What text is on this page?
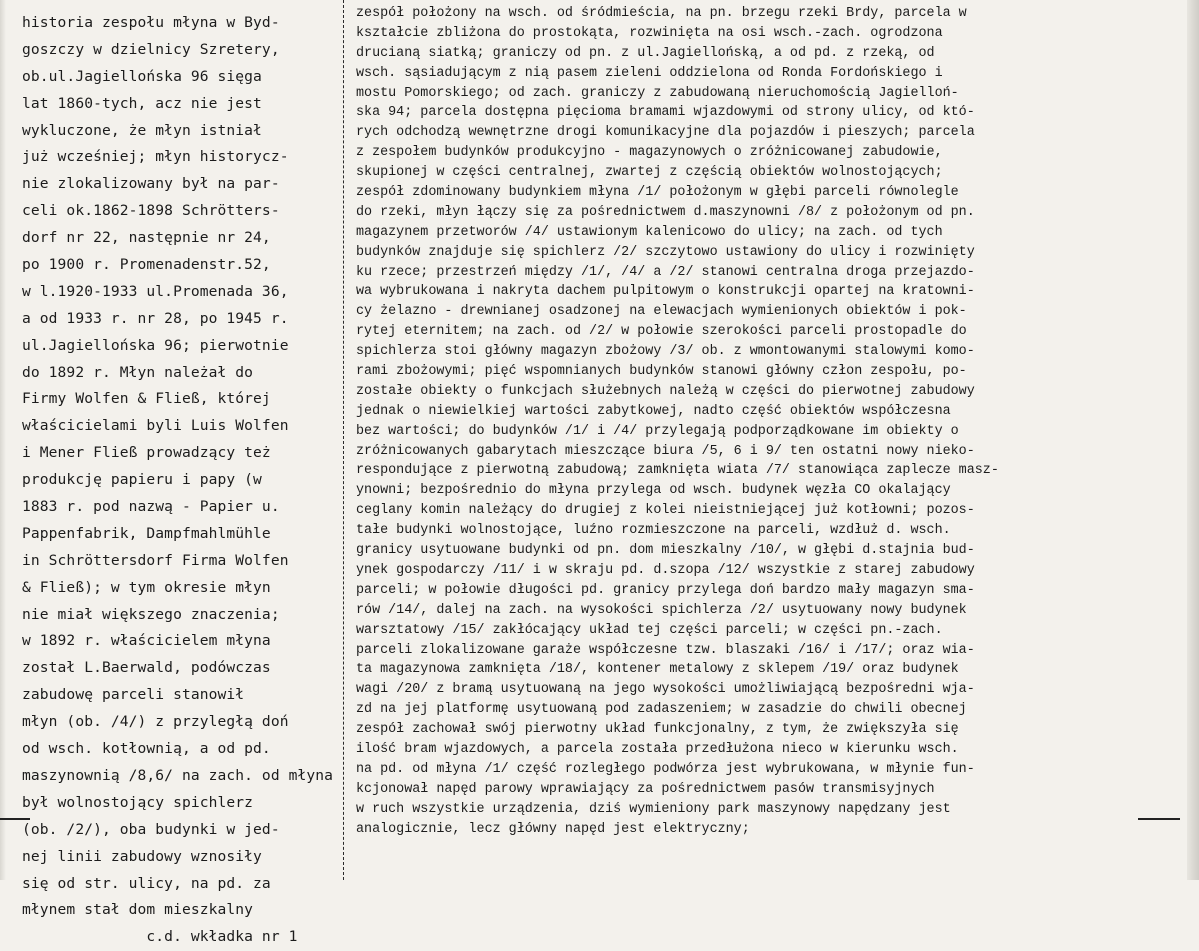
historia zespołu młyna w Byd-
goszczy w dzielnicy Szretery,
ob.ul.Jagiellońska 96 sięga
lat 1860-tych, acz nie jest
wykluczone, że młyn istniał
już wcześniej; młyn historycz-
nie zlokalizowany był na par-
celi ok.1862-1898 Schrötters-
dorf nr 22, następnie nr 24,
po 1900 r. Promenadenstr.52,
w l.1920-1933 ul.Promenada 36,
a od 1933 r. nr 28, po 1945 r.
ul.Jagiellońska 96; pierwotnie
do 1892 r. Młyn należał do
Firmy Wolfen & Fließ, której
właścicielami byli Luis Wolfen
i Mener Fließ prowadzący też
produkcję papieru i papy (w
1883 r. pod nazwą - Papier u.
Pappenfabrik, Dampfmahlmühle
in Schröttersdorf Firma Wolfen
& Fließ); w tym okresie młyn
nie miał większego znaczenia;
w 1892 r. właścicielem młyna
został L.Baerwald, podówczas
zabudowę parceli stanowił
młyn (ob. /4/) z przyległą doń
od wsch. kotłownią, a od pd.
maszynownią /8,6/ na zach. od młyna
był wolnostojący spichlerz
(ob. /2/), oba budynki w jed-
nej linii zabudowy wznosiły
się od str. ulicy, na pd. za
młynem stał dom mieszkalny
c.d. wkładka nr 1
zespół położony na wsch. od śródmieścia, na pn. brzegu rzeki Brdy, parcela w
kształcie zbliżona do prostokąta, rozwinięta na osi wsch.-zach. ogrodzona
drucianą siatką; graniczy od pn. z ul.Jagiellońską, a od pd. z rzeką, od
wsch. sąsiadującym z nią pasem zieleni oddzielona od Ronda Fordońskiego i
mostu Pomorskiego; od zach. graniczy z zabudowaną nieruchomością Jagielloń-
ska 94; parcela dostępna pięcioma bramami wjazdowymi od strony ulicy, od któ-
rych odchodzą wewnętrzne drogi komunikacyjne dla pojazdów i pieszych; parcela
z zespołem budynków produkcyjno - magazynowych o zróżnicowanej zabudowie,
skupionej w części centralnej, zwartej z częścią obiektów wolnostojących;
zespół zdominowany budynkiem młyna /1/ położonym w głębi parceli równolegle
do rzeki, młyn łączy się za pośrednictwem d.maszynowni /8/ z położonym od pn.
magazynem przetworów /4/ ustawionym kalenicowo do ulicy; na zach. od tych
budynków znajduje się spichlerz /2/ szczytowo ustawiony do ulicy i rozwinięty
ku rzece; przestrzeń między /1/, /4/ a /2/ stanowi centralna droga przejazdo-
wa wybrukowana i nakryta dachem pulpitowym o konstrukcji opartej na kratowni-
cy żelazno - drewnianej osadzonej na elewacjach wymienionych obiektów i pok-
rytej eternitem; na zach. od /2/ w połowie szerokości parceli prostopadle do
spichlerza stoi główny magazyn zbożowy /3/ ob. z wmontowanymi stalowymi komo-
rami zbożowymi; pięć wspomnianych budynków stanowi główny człon zespołu, po-
zostałe obiekty o funkcjach służebnych należą w części do pierwotnej zabudowy
jednak o niewielkiej wartości zabytkowej, nadto część obiektów współczesna
bez wartości; do budynków /1/ i /4/ przylegają podporządkowane im obiekty o
zróżnicowanych gabarytach mieszczące biura /5, 6 i 9/ ten ostatni nowy nieko-
respondujące z pierwotną zabudową; zamknięta wiata /7/ stanowiąca zaplecze masz-
ynowni; bezpośrednio do młyna przylega od wsch. budynek węzła CO okalający
ceglany komin należący do drugiej z kolei nieistniejącej już kotłowni; pozos-
tałe budynki wolnostojące, luźno rozmieszczone na parceli, wzdłuż d. wsch.
granicy usytuowane budynki od pn. dom mieszkalny /10/, w głębi d.stajnia bud-
ynek gospodarczy /11/ i w skraju pd. d.szopa /12/ wszystkie z starej zabudowy
parceli; w połowie długości pd. granicy przylega doń bardzo mały magazyn sma-
rów /14/, dalej na zach. na wysokości spichlerza /2/ usytuowany nowy budynek
warsztatowy /15/ zakłócający układ tej części parceli; w części pn.-zach.
parceli zlokalizowane garaże współczesne tzw. blaszaki /16/ i /17/; oraz wia-
ta magazynowa zamknięta /18/, kontener metalowy z sklepem /19/ oraz budynek
wagi /20/ z bramą usytuowaną na jego wysokości umożliwiającą bezpośredni wja-
zd na jej platformę usytuowaną pod zadaszeniem; w zasadzie do chwili obecnej
zespół zachował swój pierwotny układ funkcjonalny, z tym, że zwiększyła się
ilość bram wjazdowych, a parcela została przedłużona nieco w kierunku wsch.
na pd. od młyna /1/ część rozległego podwórza jest wybrukowana, w młynie fun-
kcjonował napęd parowy wprawiający za pośrednictwem pasów transmisyjnych
w ruch wszystkie urządzenia, dziś wymieniony park maszynowy napędzany jest
analogicznie, lecz główny napęd jest elektryczny;
